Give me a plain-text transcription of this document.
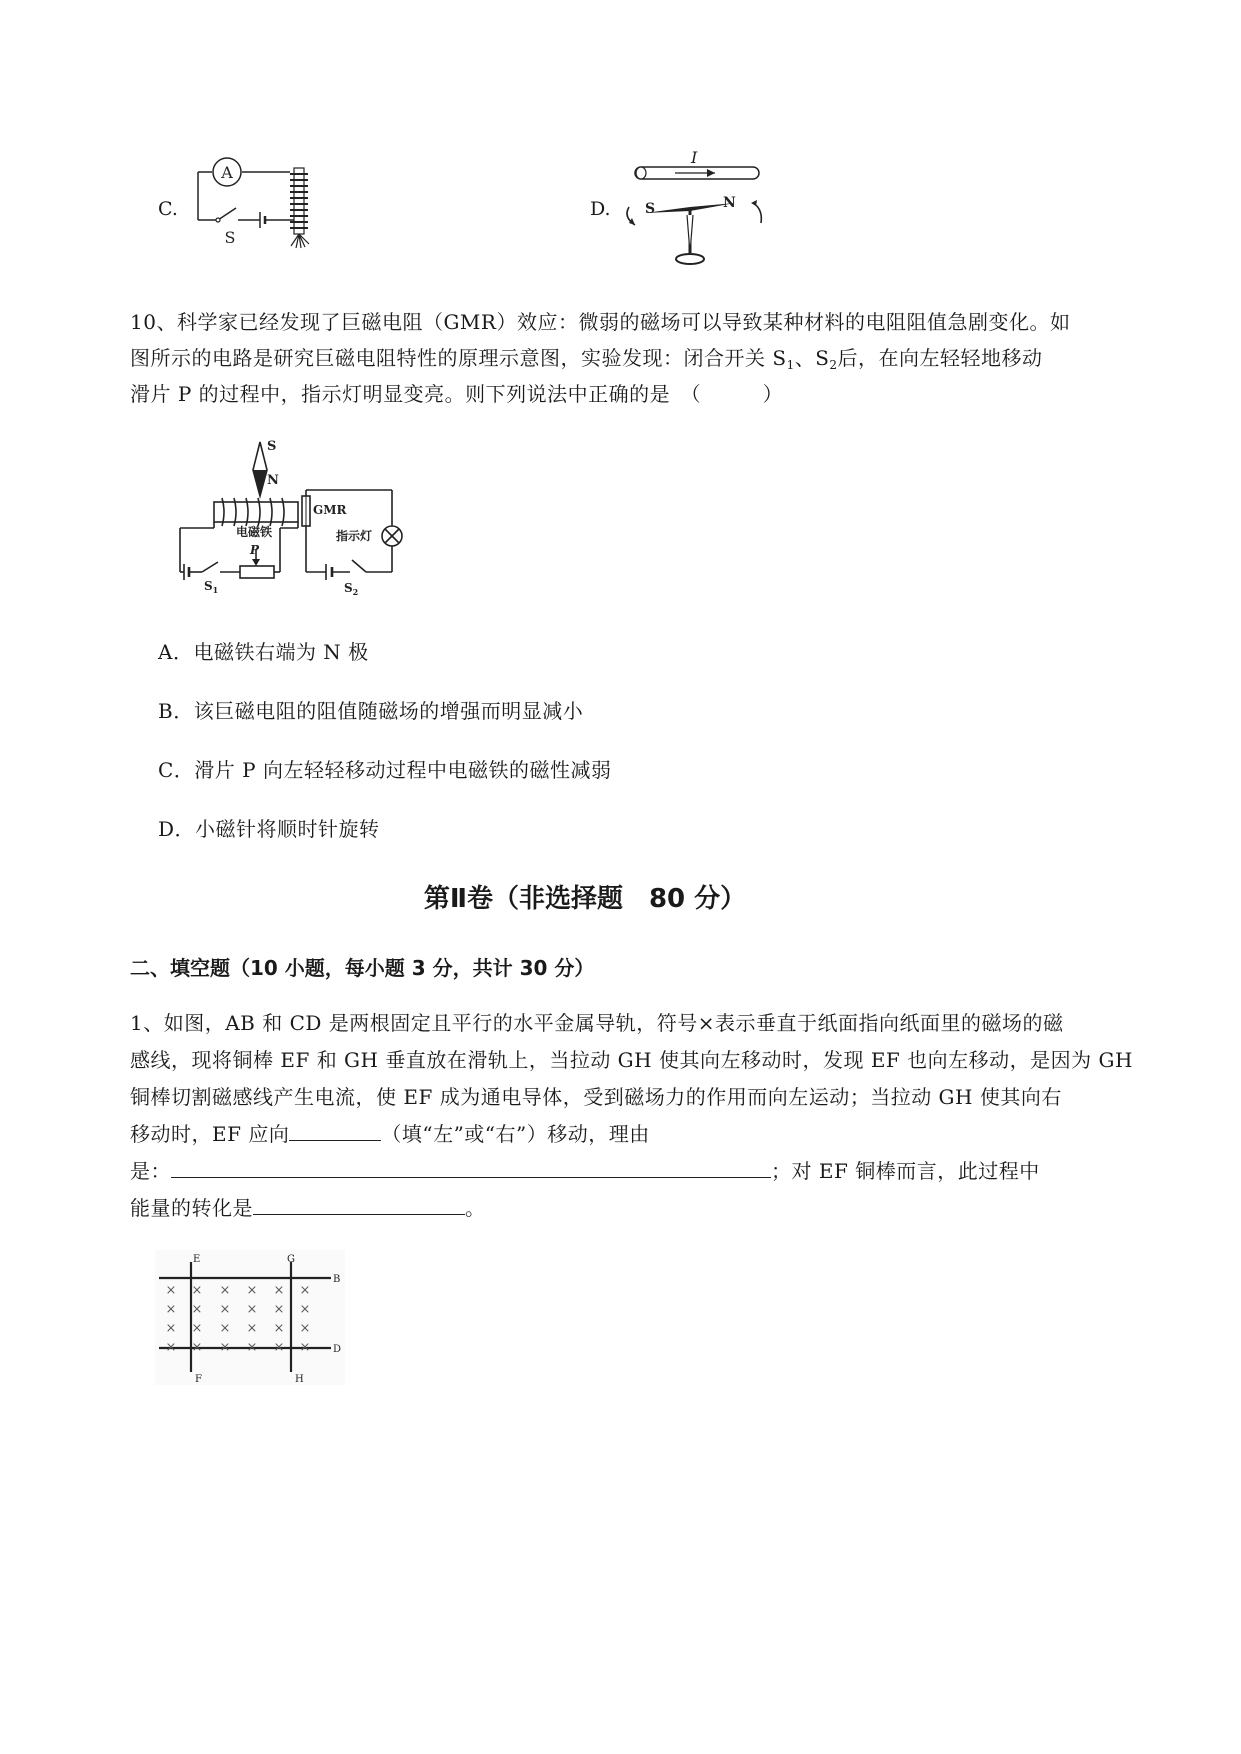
C.
A
S
D.
I
S	N
10、科学家已经发现了巨磁电阻（GMR）效应：微弱的磁场可以导致某种材料的电阻阻值急剧变化。如
图所示的电路是研究巨磁电阻特性的原理示意图，实验发现：闭合开关 $S_1$、$S_2$后，在向左轻轻地移动
滑片 P 的过程中，指示灯明显变亮。则下列说法中正确的是　（　　　）
S
N
电磁铁
$S_1$
P
GMR
指示灯
$S_2$
A．电磁铁右端为 N 极
B．该巨磁电阻的阻值随磁场的增强而明显减小
C．滑片 P 向左轻轻移动过程中电磁铁的磁性减弱
D．小磁针将顺时针旋转
第Ⅱ卷（非选择题　80 分）
二、填空题（10 小题，每小题 3 分，共计 30 分）
1、如图，AB 和 CD 是两根固定且平行的水平金属导轨，符号×表示垂直于纸面指向纸面里的磁场的磁
感线，现将铜棒 EF 和 GH 垂直放在滑轨上，当拉动 GH 使其向左移动时，发现 EF 也向左移动，是因为 GH
铜棒切割磁感线产生电流，使 EF 成为通电导体，受到磁场力的作用而向左运动；当拉动 GH 使其向右
移动时，EF 应向	（填“左”或“右”）移动，理由
是：	；对 EF 铜棒而言，此过程中
能量的转化是	。
E	G
B
D
F	H
× × × × × ×
× × × × × ×
× × × × × ×
× × × × × ×
